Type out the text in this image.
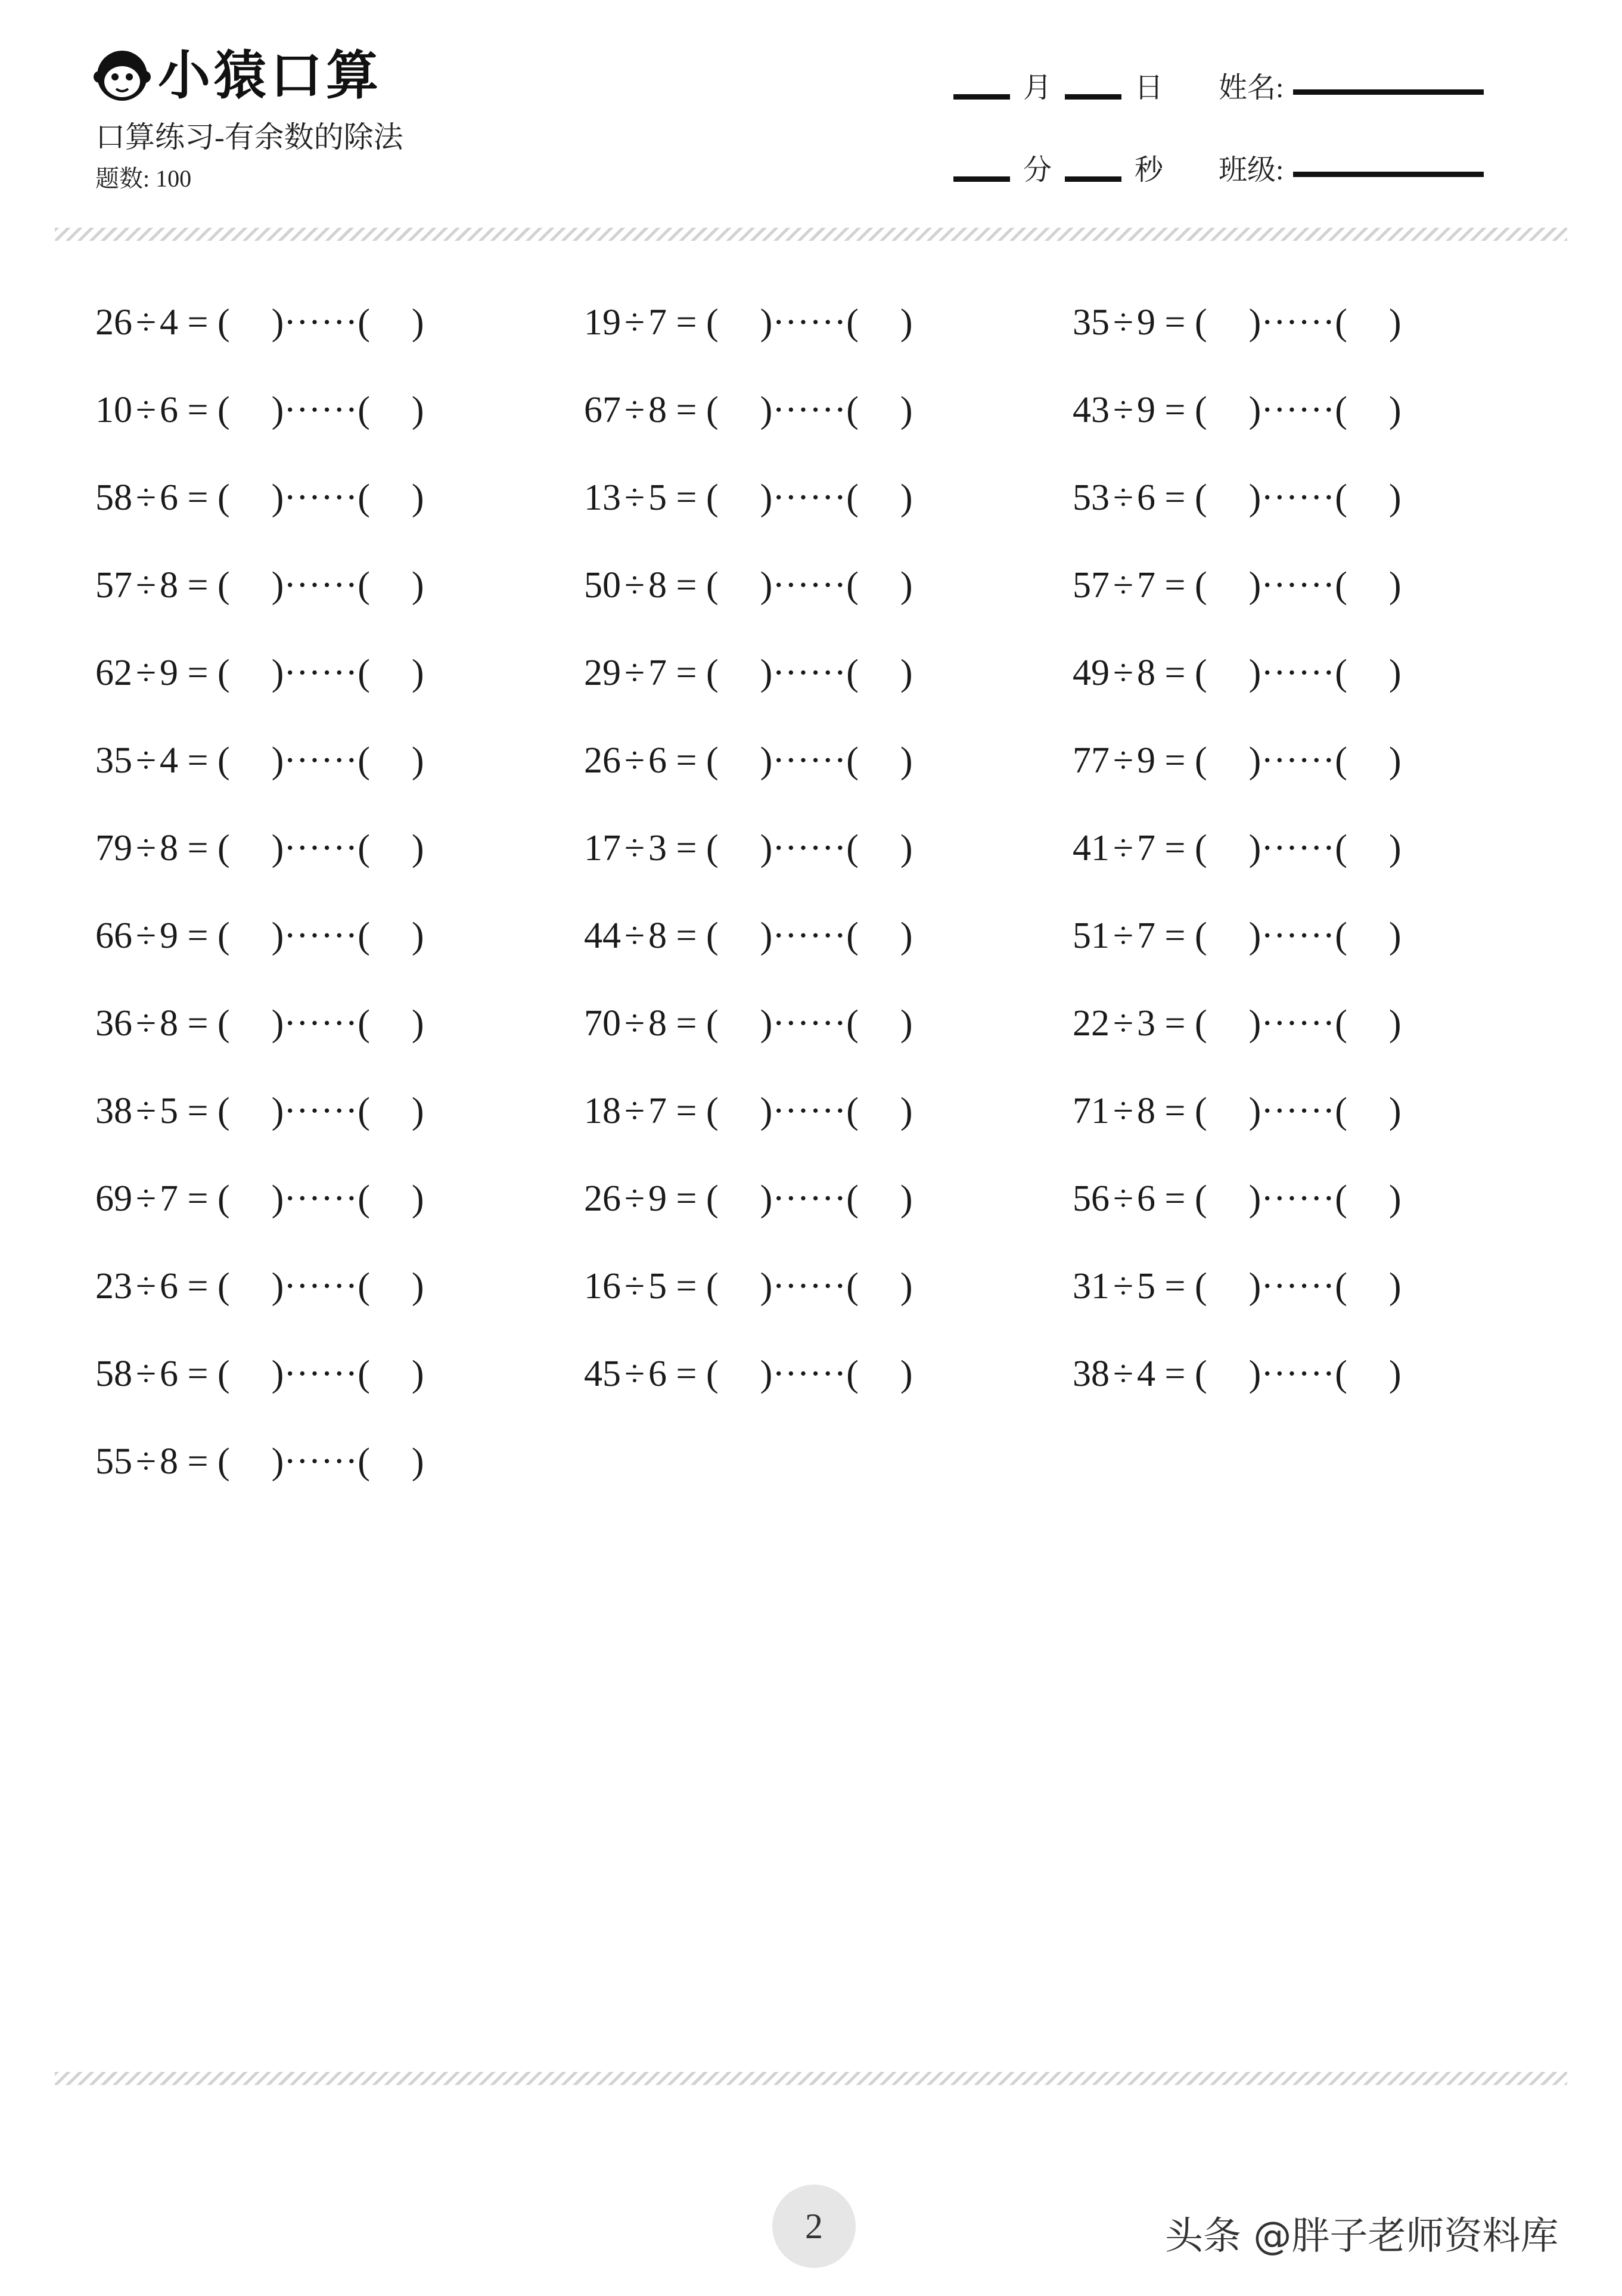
小猿口算
口算练习-有余数的除法
题数: 100
月	日
分	秒
姓名:
班级:
26÷4 = ( )······( )
10÷6 = ( )······( )
58÷6 = ( )······( )
57÷8 = ( )······( )
62÷9 = ( )······( )
35÷4 = ( )······( )
79÷8 = ( )······( )
66÷9 = ( )······( )
36÷8 = ( )······( )
38÷5 = ( )······( )
69÷7 = ( )······( )
23÷6 = ( )······( )
58÷6 = ( )······( )
55÷8 = ( )······( )
19÷7 = ( )······( )
67÷8 = ( )······( )
13÷5 = ( )······( )
50÷8 = ( )······( )
29÷7 = ( )······( )
26÷6 = ( )······( )
17÷3 = ( )······( )
44÷8 = ( )······( )
70÷8 = ( )······( )
18÷7 = ( )······( )
26÷9 = ( )······( )
16÷5 = ( )······( )
45÷6 = ( )······( )
35÷9 = ( )······( )
43÷9 = ( )······( )
53÷6 = ( )······( )
57÷7 = ( )······( )
49÷8 = ( )······( )
77÷9 = ( )······( )
41÷7 = ( )······( )
51÷7 = ( )······( )
22÷3 = ( )······( )
71÷8 = ( )······( )
56÷6 = ( )······( )
31÷5 = ( )······( )
38÷4 = ( )······( )
2	头条 @胖子老师资料库
